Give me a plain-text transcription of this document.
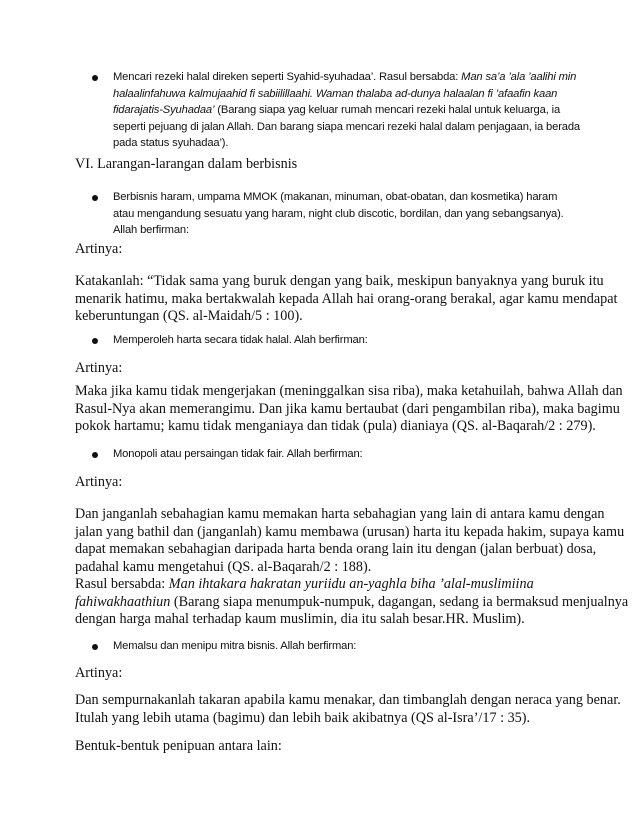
Mencari rezeki halal direken seperti Syahid-syuhadaa’. Rasul bersabda: Man sa’a ’ala ’aalihi min
halaalinfahuwa kalmujaahid fi sabiilillaahi. Waman thalaba ad-dunya halaalan fi ’afaafin kaan
fidarajatis-Syuhadaa’ (Barang siapa yag keluar rumah mencari rezeki halal untuk keluarga, ia
seperti pejuang di jalan Allah. Dan barang siapa mencari rezeki halal dalam penjagaan, ia berada
pada status syuhadaa’).
VI. Larangan-larangan dalam berbisnis
Berbisnis haram, umpama MMOK (makanan, minuman, obat-obatan, dan kosmetika) haram
atau mengandung sesuatu yang haram, night club discotic, bordilan, dan yang sebangsanya).
Allah berfirman:
Artinya:
Katakanlah: “Tidak sama yang buruk dengan yang baik, meskipun banyaknya yang buruk itu
menarik hatimu, maka bertakwalah kepada Allah hai orang-orang berakal, agar kamu mendapat
keberuntungan (QS. al-Maidah/5 : 100).
Memperoleh harta secara tidak halal. Alah berfirman:
Artinya:
Maka jika kamu tidak mengerjakan (meninggalkan sisa riba), maka ketahuilah, bahwa Allah dan
Rasul-Nya akan memerangimu. Dan jika kamu bertaubat (dari pengambilan riba), maka bagimu
pokok hartamu; kamu tidak menganiaya dan tidak (pula) dianiaya (QS. al-Baqarah/2 : 279).
Monopoli atau persaingan tidak fair. Allah berfirman:
Artinya:
Dan janganlah sebahagian kamu memakan harta sebahagian yang lain di antara kamu dengan
jalan yang bathil dan (janganlah) kamu membawa (urusan) harta itu kepada hakim, supaya kamu
dapat memakan sebahagian daripada harta benda orang lain itu dengan (jalan berbuat) dosa,
padahal kamu mengetahui (QS. al-Baqarah/2 : 188).
Rasul bersabda: Man ihtakara hakratan yuriidu an-yaghla biha ’alal-muslimiina
fahiwakhaathiun (Barang siapa menumpuk-numpuk, dagangan, sedang ia bermaksud menjualnya
dengan harga mahal terhadap kaum muslimin, dia itu salah besar.HR. Muslim).
Memalsu dan menipu mitra bisnis. Allah berfirman:
Artinya:
Dan sempurnakanlah takaran apabila kamu menakar, dan timbanglah dengan neraca yang benar.
Itulah yang lebih utama (bagimu) dan lebih baik akibatnya (QS al-Isra’/17 : 35).
Bentuk-bentuk penipuan antara lain:
